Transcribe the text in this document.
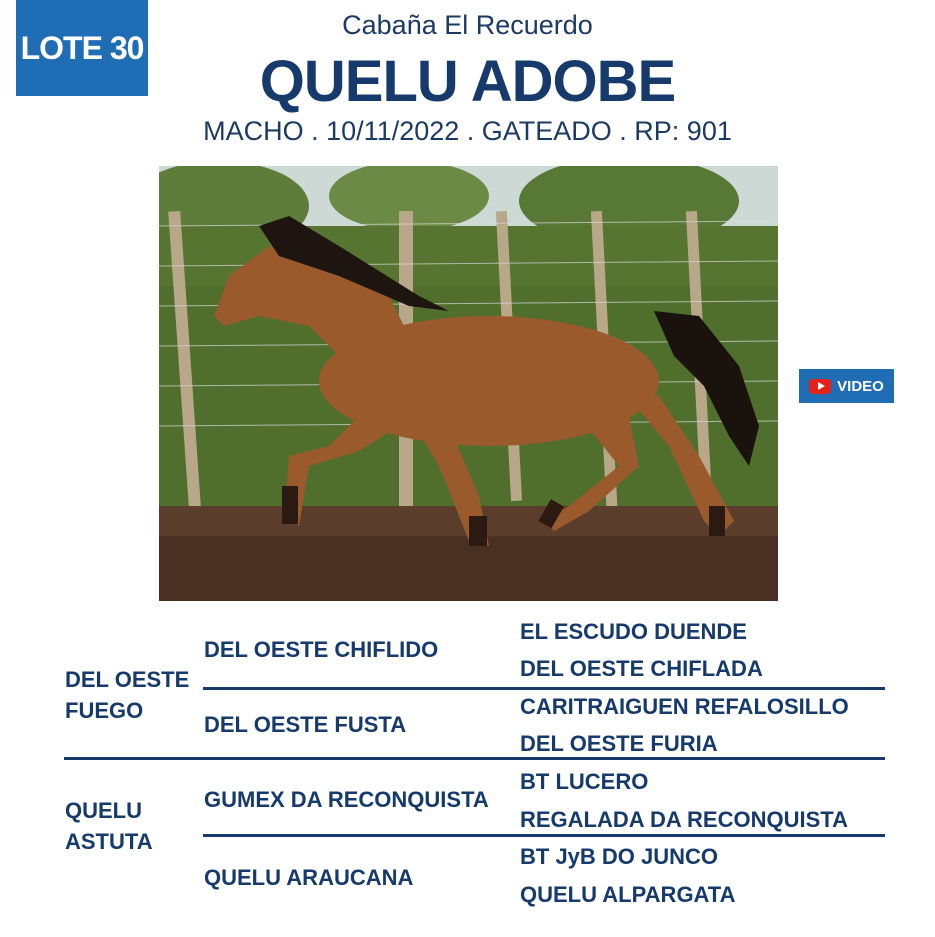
LOTE 30
Cabaña El Recuerdo
QUELU ADOBE
MACHO . 10/11/2022 . GATEADO . RP: 901
VIDEO
DEL OESTE
FUEGO
QUELU
ASTUTA
DEL OESTE CHIFLIDO
DEL OESTE FUSTA
GUMEX DA RECONQUISTA
QUELU ARAUCANA
EL ESCUDO DUENDE
DEL OESTE CHIFLADA
CARITRAIGUEN REFALOSILLO
DEL OESTE FURIA
BT LUCERO
REGALADA DA RECONQUISTA
BT JyB DO JUNCO
QUELU ALPARGATA
